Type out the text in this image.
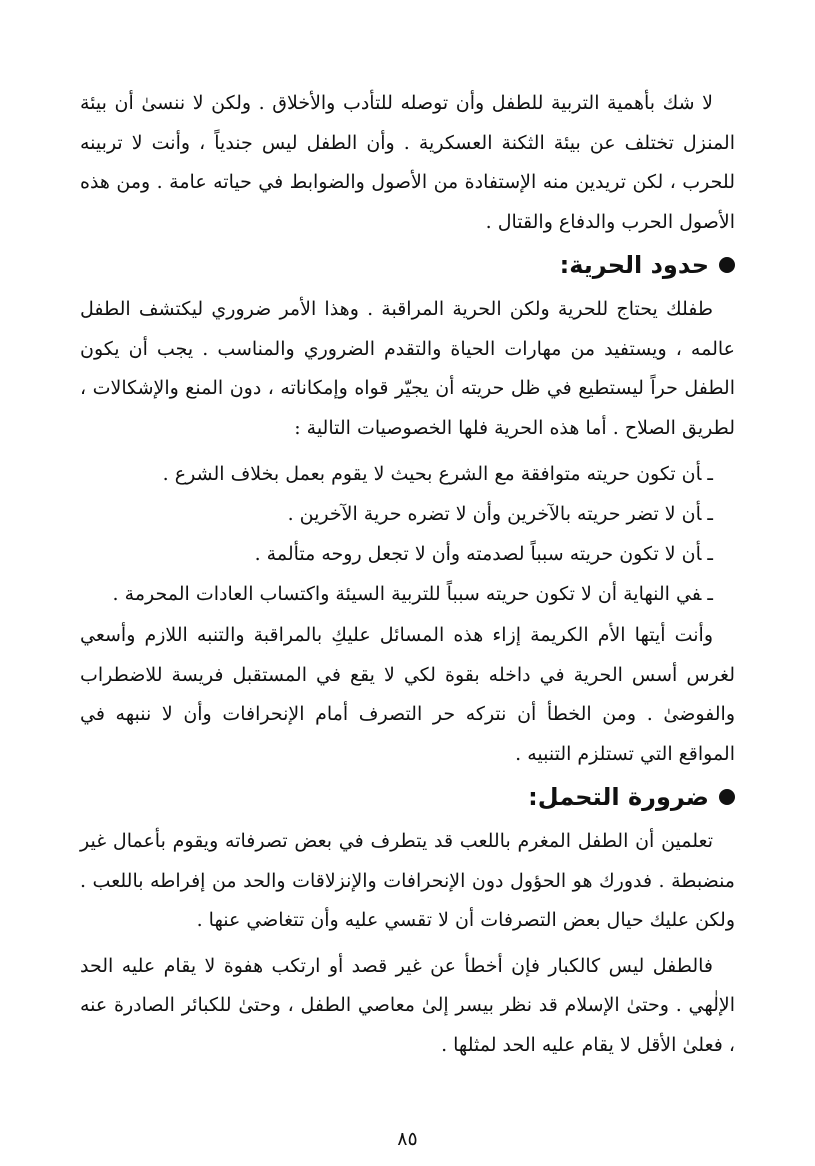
لا شك بأهمية التربية للطفل وأن توصله للتأدب والأخلاق . ولكن لا ننسىٰ أن بيئة المنزل تختلف عن بيئة الثكنة العسكرية . وأن الطفل ليس جندياً ، وأنت لا تربينه للحرب ، لكن تريدين منه الإستفادة من الأصول والضوابط في حياته عامة . ومن هذه الأصول الحرب والدفاع والقتال .

حدود الحرية:

طفلك يحتاج للحرية ولكن الحرية المراقبة . وهذا الأمر ضروري ليكتشف الطفل عالمه ، ويستفيد من مهارات الحياة والتقدم الضروري والمناسب . يجب أن يكون الطفل حراً ليستطيع في ظل حريته أن يجيّر قواه وإمكاناته ، دون المنع والإشكالات ، لطريق الصلاح . أما هذه الحرية فلها الخصوصيات التالية :

ـأن تكون حريته متوافقة مع الشرع بحيث لا يقوم بعمل بخلاف الشرع .
ـأن لا تضر حريته بالآخرين وأن لا تضره حرية الآخرين .
ـأن لا تكون حريته سبباً لصدمته وأن لا تجعل روحه متألمة .
ـفي النهاية أن لا تكون حريته سبباً للتربية السيئة واكتساب العادات المحرمة .

وأنت أيتها الأم الكريمة إزاء هذه المسائل عليكِ بالمراقبة والتنبه اللازم وأسعي لغرس أسس الحرية في داخله بقوة لكي لا يقع في المستقبل فريسة للاضطراب والفوضىٰ . ومن الخطأ أن نتركه حر التصرف أمام الإنحرافات وأن لا ننبهه في المواقع التي تستلزم التنبيه .

ضرورة التحمل:

تعلمين أن الطفل المغرم باللعب قد يتطرف في بعض تصرفاته ويقوم بأعمال غير منضبطة . فدورك هو الحؤول دون الإنحرافات والإنزلاقات والحد من إفراطه باللعب . ولكن عليك حيال بعض التصرفات أن لا تقسي عليه وأن تتغاضي عنها .

فالطفل ليس كالكبار فإن أخطأ عن غير قصد أو ارتكب هفوة لا يقام عليه الحد الإلٰهي . وحتىٰ الإسلام قد نظر بيسر إلىٰ معاصي الطفل ، وحتىٰ للكبائر الصادرة عنه ، فعلىٰ الأقل لا يقام عليه الحد لمثلها .

٨٥
